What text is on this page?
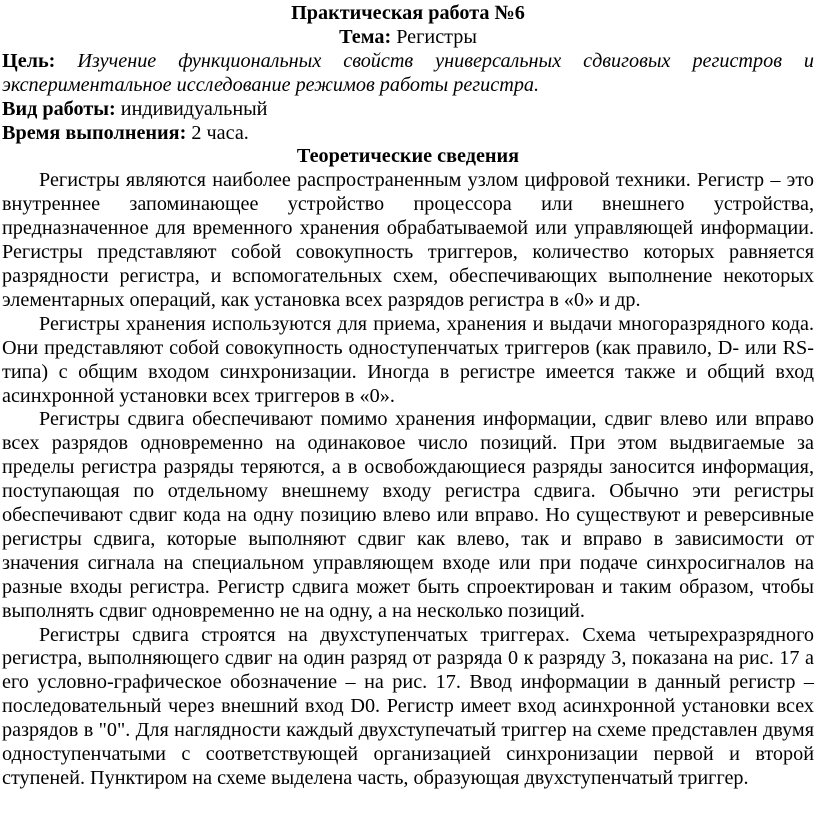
Практическая работа №6
Тема: Регистры
Цель: Изучение функциональных свойств универсальных сдвиговых регистров и экспериментальное исследование режимов работы регистра.
Вид работы: индивидуальный
Время выполнения: 2 часа.
Теоретические сведения

Регистры являются наиболее распространенным узлом цифровой техники. Регистр – это внутреннее запоминающее устройство процессора или внешнего устройства, предназначенное для временного хранения обрабатываемой или управляющей информации. Регистры представляют собой совокупность триггеров, количество которых равняется разрядности регистра, и вспомогательных схем, обеспечивающих выполнение некоторых элементарных операций, как установка всех разрядов регистра в «0» и др.

Регистры хранения используются для приема, хранения и выдачи многоразрядного кода. Они представляют собой совокупность одноступенчатых триггеров (как правило, D- или RS-типа) с общим входом синхронизации. Иногда в регистре имеется также и общий вход асинхронной установки всех триггеров в «0».

Регистры сдвига обеспечивают помимо хранения информации, сдвиг влево или вправо всех разрядов одновременно на одинаковое число позиций. При этом выдвигаемые за пределы регистра разряды теряются, а в освобождающиеся разряды заносится информация, поступающая по отдельному внешнему входу регистра сдвига. Обычно эти регистры обеспечивают сдвиг кода на одну позицию влево или вправо. Но существуют и реверсивные регистры сдвига, которые выполняют сдвиг как влево, так и вправо в зависимости от значения сигнала на специальном управляющем входе или при подаче синхросигналов на разные входы регистра. Регистр сдвига может быть спроектирован и таким образом, чтобы выполнять сдвиг одновременно не на одну, а на несколько позиций.

Регистры сдвига строятся на двухступенчатых триггерах. Схема четырехразрядного регистра, выполняющего сдвиг на один разряд от разряда 0 к разряду 3, показана на рис. 17 а его условно-графическое обозначение – на рис. 17. Ввод информации в данный регистр – последовательный через внешний вход D0. Регистр имеет вход асинхронной установки всех разрядов в "0". Для наглядности каждый двухступечатый триггер на схеме представлен двумя одноступенчатыми с соответствующей организацией синхронизации первой и второй ступеней. Пунктиром на схеме выделена часть, образующая двухступенчатый триггер.
